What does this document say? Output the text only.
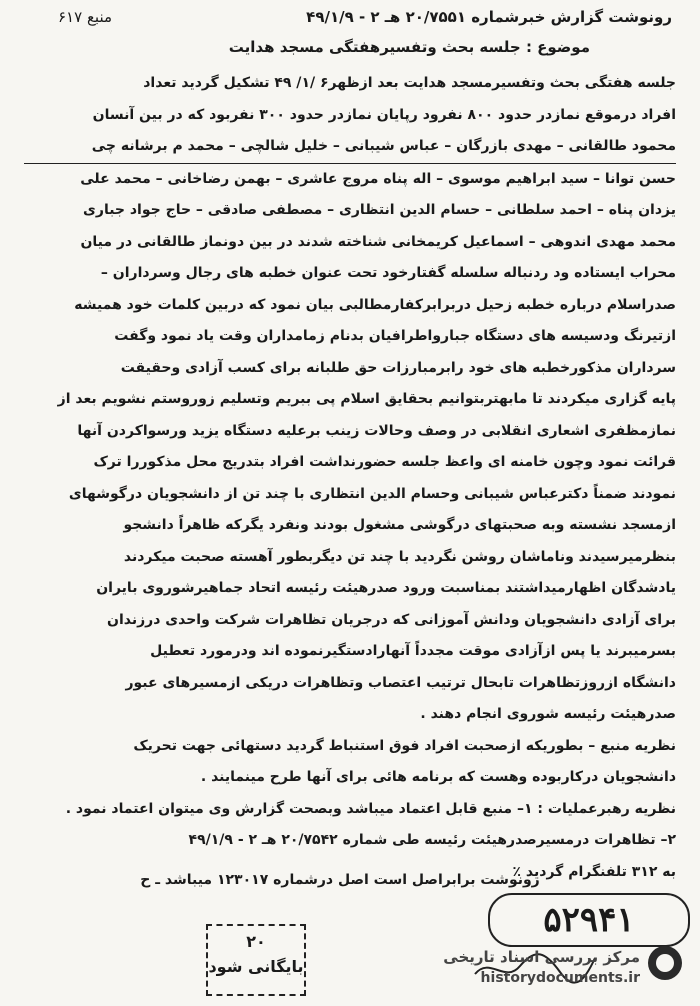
رونوشت گزارش خبرشماره ۲۰/۷۵۵۱ هـ ۲ - ۴۹/۱/۹
منبع ۶۱۷
موضوع : جلسه بحث وتفسیرهفتگی مسجد هدایت
جلسه هفتگی بحث وتفسیرمسجد هدایت بعد ازظهر۶ /۱/ ۴۹ تشکیل گردید تعداد
افراد درموقع نمازدر حدود ۸۰۰ نفرود رپایان نمازدر حدود ۳۰۰ نفربود که در بین آنسان
محمود طالقانی – مهدی بازرگان – عباس شیبانی – خلیل شالچی – محمد م برشانه چی
حسن توانا – سید ابراهیم موسوی – اله پناه مروج عاشری – بهمن رضاخانی – محمد علی
یزدان پناه – احمد سلطانی – حسام الدین انتظاری – مصطفی صادقی – حاج جواد جباری
محمد مهدی اندوهی – اسماعیل کریمخانی شناخته شدند در بین دونماز طالقانی در میان
محراب ایستاده ود ردنباله سلسله گفتارخود تحت عنوان خطبه های رجال وسرداران –
صدراسلام درباره خطبه زحیل دربرابرکفارمطالبی بیان نمود که دربین کلمات خود همیشه
ازتیرنگ ودسیسه های دستگاه جبارواطرافیان بدنام زمامداران وقت یاد نمود وگفت
سرداران مذکورخطبه های خود رابرمبارزات حق طلبانه برای کسب آزادی وحقیقت
پایه گزاری میکردند تا مابهتربتوانیم بحقایق اسلام پی ببریم وتسلیم زوروستم نشویم بعد از
نمازمظفری اشعاری انقلابی در وصف وحالات زینب برعلیه دستگاه یزید ورسواکردن آنها
قرائت نمود وچون خامنه ای واعظ جلسه حضورنداشت افراد بتدریج محل مذکوررا ترک
نمودند ضمناً دکترعباس شیبانی وحسام الدین انتظاری با چند تن از دانشجویان درگوشهای
ازمسجد نشسته وبه صحبتهای درگوشی مشغول بودند ونفرد یگرکه ظاهراً دانشجو
بنظرمیرسیدند وناماشان روشن نگردید با چند تن دیگربطور آهسته صحبت میکردند
یادشدگان اظهارمیداشتند بمناسبت ورود صدرهیئت رئیسه اتحاد جماهیرشوروی بایران
برای آزادی دانشجویان ودانش آموزانی که درجریان تظاهرات شرکت واحدی درزندان
بسرمیبرند یا پس ازآزادی موقت مجدداً آنهارادستگیرنموده اند ودرمورد تعطیل
دانشگاه ازروزتظاهرات تابحال ترتیب اعتصاب وتظاهرات دریکی ازمسیرهای عبور
صدرهیئت رئیسه شوروی انجام دهند .
نظریه منبع – بطوریکه ازصحبت افراد فوق استنباط گردید دستهائی جهت تحریک
دانشجویان درکاربوده وهست که برنامه هائی برای آنها طرح مینمایند .
نظریه رهبرعملیات : ۱– منبع قابل اعتماد میباشد وبصحت گزارش وی میتوان اعتماد نمود .
۲– تظاهرات درمسیرصدرهیئت رئیسه طی شماره ۲۰/۷۵۴۲ هـ ۲ - ۴۹/۱/۹
به ۳۱۲ تلفنگرام گردید ٪
رونوشت برابراصل است اصل درشماره ۱۲۳۰۱۷ میباشد ـ ح
۵۲۹۴۱
۲۰
بایگانی شود	مرکز بررسی اسناد تاریخی
historydocuments.ir
